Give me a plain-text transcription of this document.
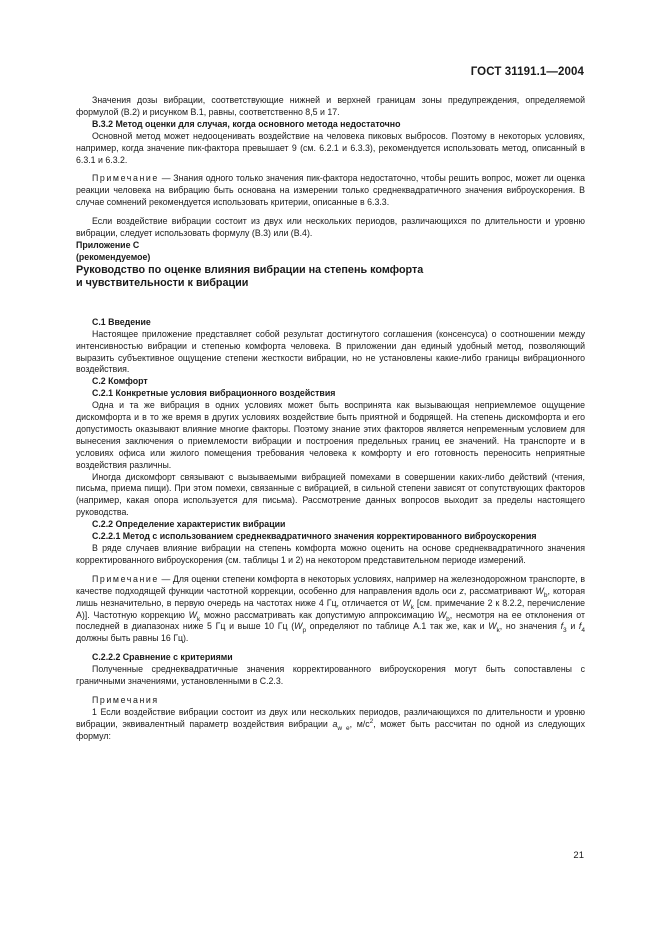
ГОСТ 31191.1—2004

Значения дозы вибрации, соответствующие нижней и верхней границам зоны предупреждения, определяемой формулой (В.2) и рисунком В.1, равны, соответственно 8,5 и 17.

В.3.2 Метод оценки для случая, когда основного метода недостаточно

Основной метод может недооценивать воздействие на человека пиковых выбросов. Поэтому в некоторых условиях, например, когда значение пик-фактора превышает 9 (см. 6.2.1 и 6.3.3), рекомендуется использовать метод, описанный в 6.3.1 и 6.3.2.

Примечание — Знания одного только значения пик-фактора недостаточно, чтобы решить вопрос, может ли оценка реакции человека на вибрацию быть основана на измерении только среднеквадратичного значения виброускорения. В случае сомнений рекомендуется использовать критерии, описанные в 6.3.3.

Если воздействие вибрации состоит из двух или нескольких периодов, различающихся по длительности и уровню вибрации, следует использовать формулу (В.3) или (В.4).

Приложение С

(рекомендуемое)

Руководство по оценке влияния вибрации на степень комфорта

и чувствительности к вибрации

С.1 Введение

Настоящее приложение представляет собой результат достигнутого соглашения (консенсуса) о соотношении между интенсивностью вибрации и степенью комфорта человека. В приложении дан единый удобный метод, позволяющий выразить субъективное ощущение степени жесткости вибрации, но не установлены какие-либо границы вибрационного воздействия.

С.2 Комфорт

С.2.1 Конкретные условия вибрационного воздействия

Одна и та же вибрация в одних условиях может быть воспринята как вызывающая неприемлемое ощущение дискомфорта и в то же время в других условиях воздействие быть приятной и бодрящей. На степень дискомфорта и его допустимость оказывают влияние многие факторы. Поэтому знание этих факторов является непременным условием для вынесения заключения о приемлемости вибрации и построения предельных границ ее значений. На транспорте и в условиях офиса или жилого помещения требования человека к комфорту и его готовность переносить неприятные воздействия различны.

Иногда дискомфорт связывают с вызываемыми вибрацией помехами в совершении каких-либо действий (чтения, письма, приема пищи). При этом помехи, связанные с вибрацией, в сильной степени зависят от сопутствующих факторов (например, какая опора используется для письма). Рассмотрение данных вопросов выходит за пределы настоящего руководства.

С.2.2 Определение характеристик вибрации

С.2.2.1 Метод с использованием среднеквадратичного значения корректированного виброускорения

В ряде случаев влияние вибрации на степень комфорта можно оценить на основе среднеквадратичного значения корректированного виброускорения (см. таблицы 1 и 2) на некотором представительном периоде измерений.

Примечание — Для оценки степени комфорта в некоторых условиях, например на железнодорожном транспорте, в качестве подходящей функции частотной коррекции, особенно для направления вдоль оси z, рассматривают $W_b$, которая лишь незначительно, в первую очередь на частотах ниже 4 Гц, отличается от $W_k$ [см. примечание 2 к 8.2.2, перечисление А)]. Частотную коррекцию $W_k$ можно рассматривать как допустимую аппроксимацию $W_b$, несмотря на ее отклонения от последней в диапазонах ниже 5 Гц и выше 10 Гц ($W_p$ определяют по таблице А.1 так же, как и $W_k$, но значения $f_3$ и $f_4$ должны быть равны 16 Гц).

С.2.2.2 Сравнение с критериями

Полученные среднеквадратичные значения корректированного виброускорения могут быть сопоставлены с граничными значениями, установленными в С.2.3.

Примечания

1 Если воздействие вибрации состоит из двух или нескольких периодов, различающихся по длительности и уровню вибрации, эквивалентный параметр воздействия вибрации $a_{w e}$, $м/с^2$, может быть рассчитан по одной из следующих формул:

21
